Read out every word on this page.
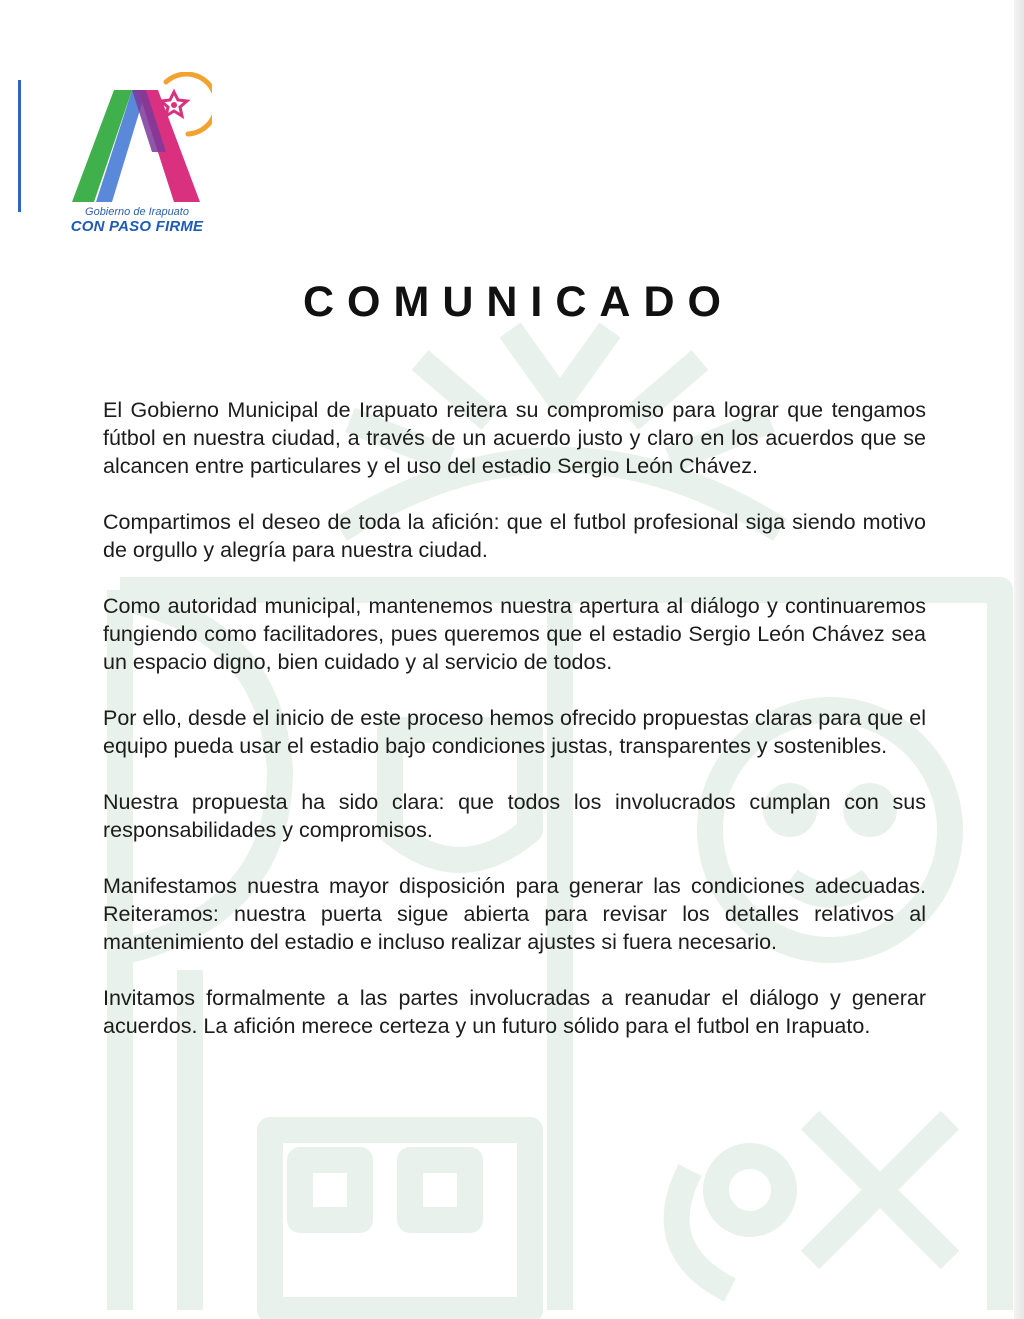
Gobierno de Irapuato
CON PASO FIRME
COMUNICADO

El Gobierno Municipal de Irapuato reitera su compromiso para lograr que tengamos fútbol en nuestra ciudad, a través de un acuerdo justo y claro en los acuerdos que se alcancen entre particulares y el uso del estadio Sergio León Chávez.

Compartimos el deseo de toda la afición: que el futbol profesional siga siendo motivo de orgullo y alegría para nuestra ciudad.

Como autoridad municipal, mantenemos nuestra apertura al diálogo y continuaremos fungiendo como facilitadores, pues queremos que el estadio Sergio León Chávez sea un espacio digno, bien cuidado y al servicio de todos.

Por ello, desde el inicio de este proceso hemos ofrecido propuestas claras para que el equipo pueda usar el estadio bajo condiciones justas, transparentes y sostenibles.

Nuestra propuesta ha sido clara: que todos los involucrados cumplan con sus responsabilidades y compromisos.

Manifestamos nuestra mayor disposición para generar las condiciones adecuadas. Reiteramos: nuestra puerta sigue abierta para revisar los detalles relativos al mantenimiento del estadio e incluso realizar ajustes si fuera necesario.

Invitamos formalmente a las partes involucradas a reanudar el diálogo y generar acuerdos. La afición merece certeza y un futuro sólido para el futbol en Irapuato.
